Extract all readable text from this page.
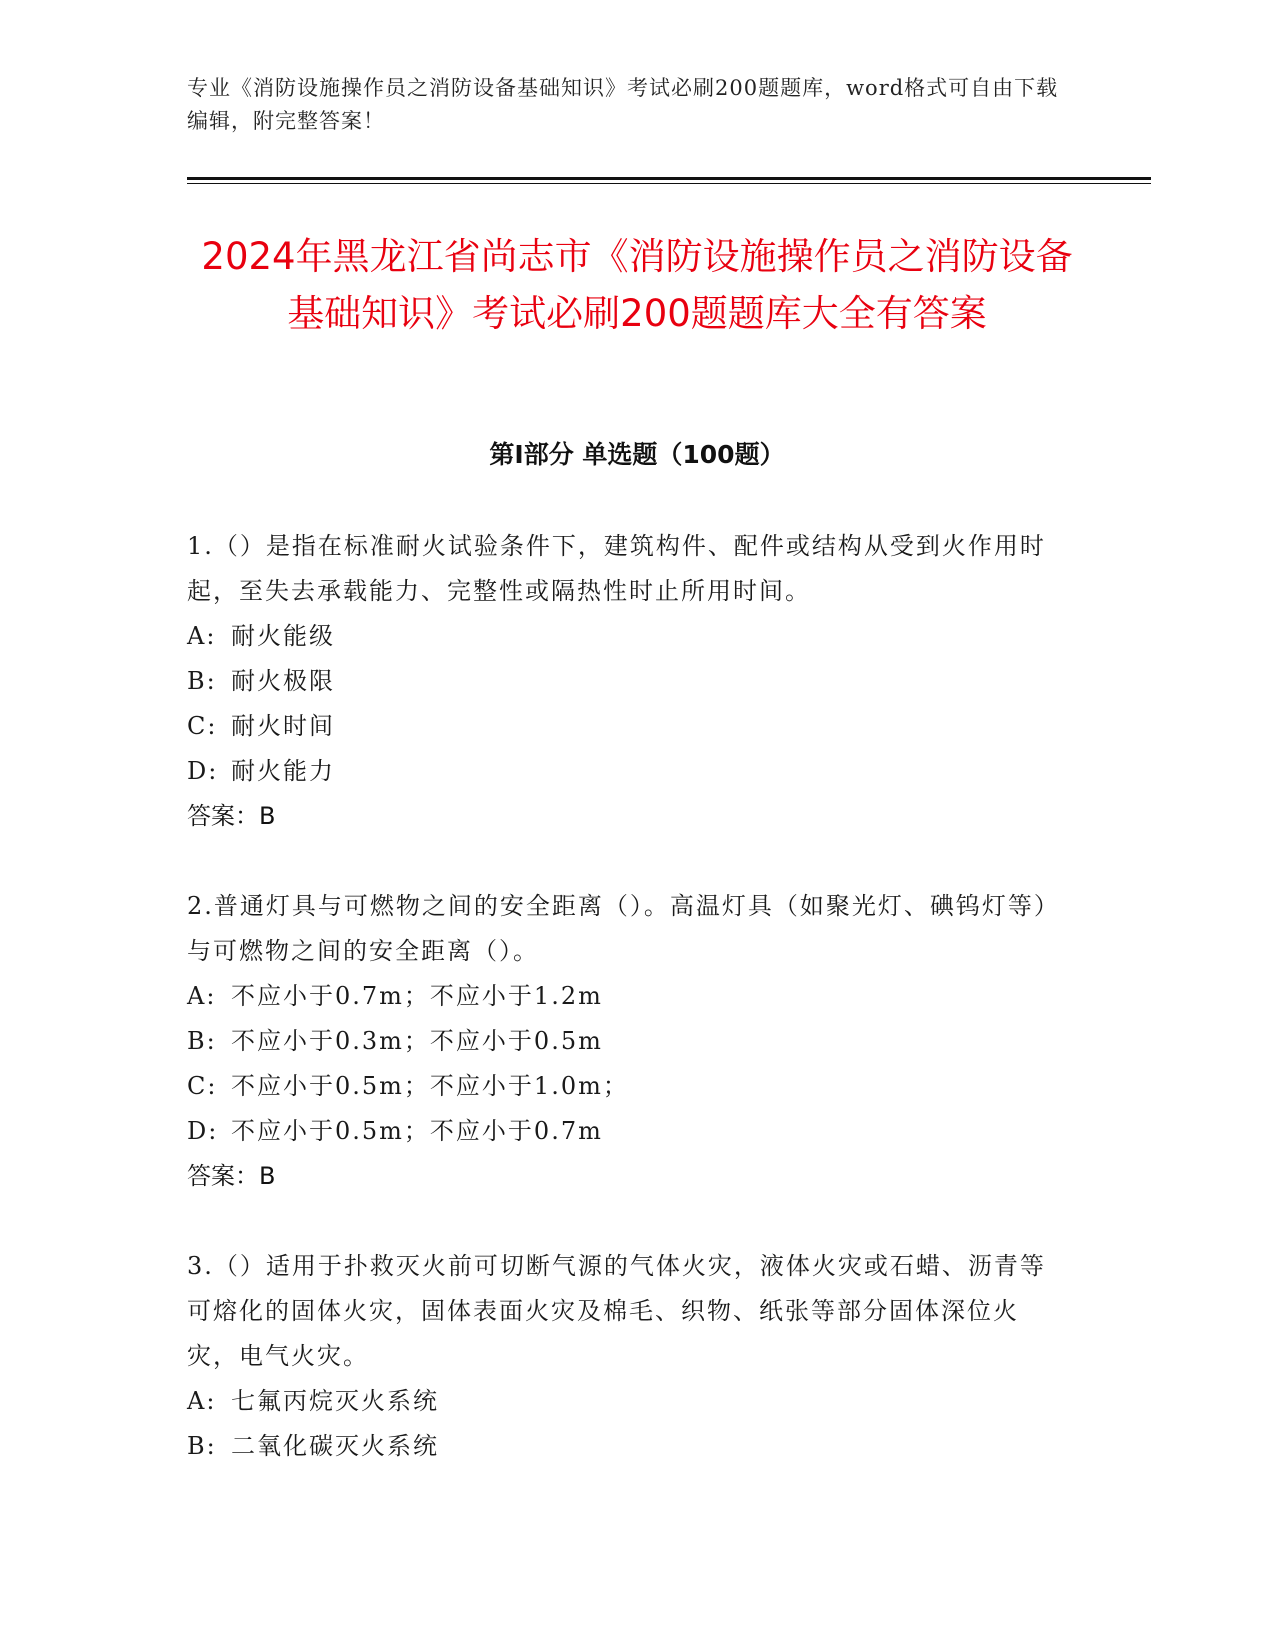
专业《消防设施操作员之消防设备基础知识》考试必刷200题题库，word格式可自由下载编辑，附完整答案！
2024年黑龙江省尚志市《消防设施操作员之消防设备基础知识》考试必刷200题题库大全有答案
第I部分 单选题（100题）

1.（）是指在标准耐火试验条件下，建筑构件、配件或结构从受到火作用时起，至失去承载能力、完整性或隔热性时止所用时间。

A: 耐火能级

B: 耐火极限

C: 耐火时间

D: 耐火能力

答案：B

2.普通灯具与可燃物之间的安全距离（）。高温灯具（如聚光灯、碘钨灯等）与可燃物之间的安全距离（）。

A: 不应小于0.7m；不应小于1.2m

B: 不应小于0.3m；不应小于0.5m

C: 不应小于0.5m；不应小于1.0m；

D: 不应小于0.5m；不应小于0.7m

答案：B

3.（）适用于扑救灭火前可切断气源的气体火灾，液体火灾或石蜡、沥青等可熔化的固体火灾，固体表面火灾及棉毛、织物、纸张等部分固体深位火灾，电气火灾。

A: 七氟丙烷灭火系统

B: 二氧化碳灭火系统
